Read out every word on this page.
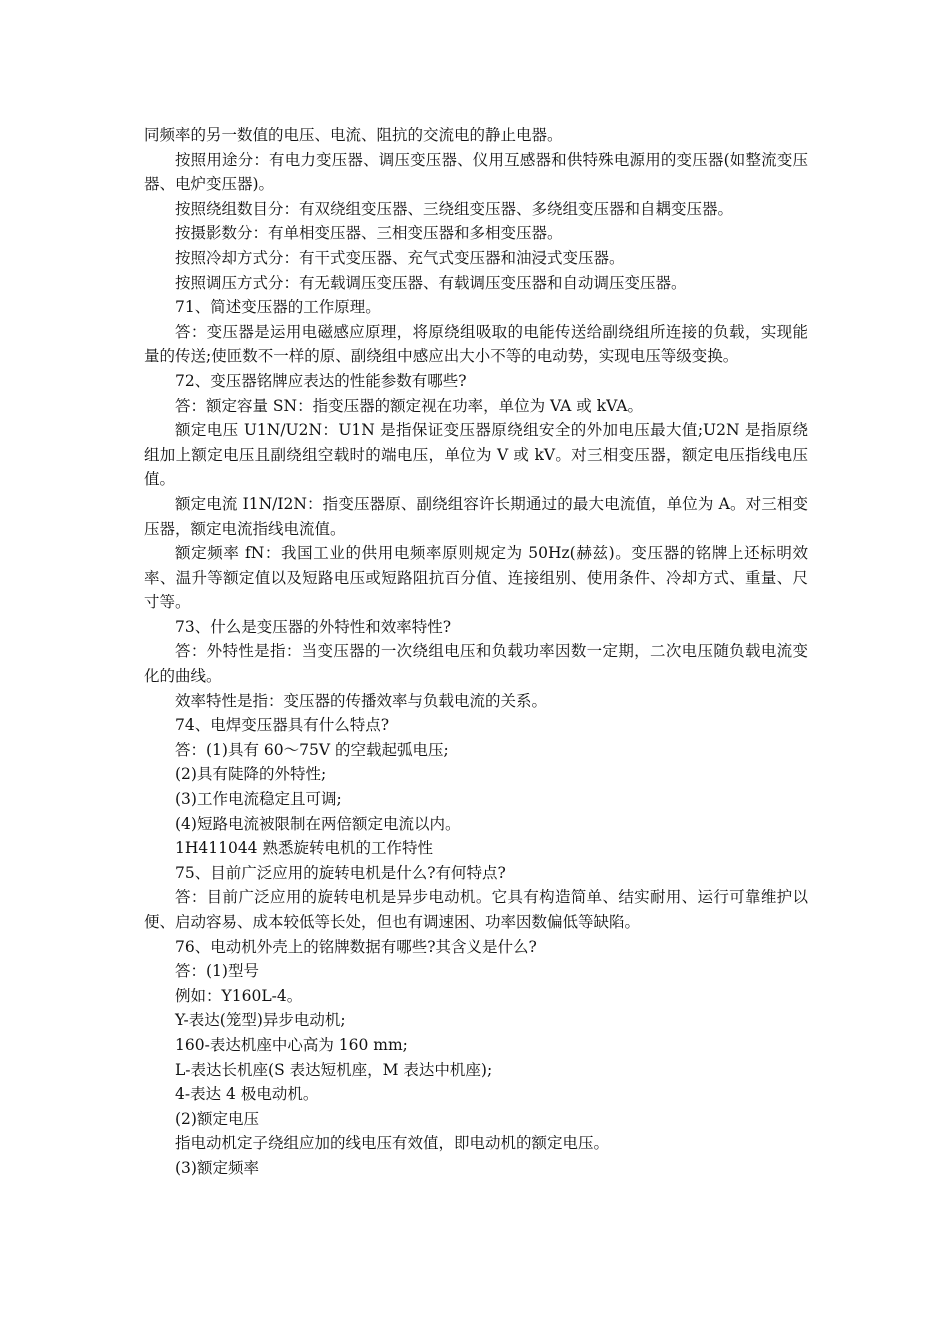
同频率的另一数值的电压、电流、阻抗的交流电的静止电器。

按照用途分：有电力变压器、调压变压器、仪用互感器和供特殊电源用的变压器(如整流变压器、电炉变压器)。

按照绕组数目分：有双绕组变压器、三绕组变压器、多绕组变压器和自耦变压器。

按摄影数分：有单相变压器、三相变压器和多相变压器。

按照冷却方式分：有干式变压器、充气式变压器和油浸式变压器。

按照调压方式分：有无载调压变压器、有载调压变压器和自动调压变压器。

71、简述变压器的工作原理。

答：变压器是运用电磁感应原理，将原绕组吸取的电能传送给副绕组所连接的负载，实现能量的传送;使匝数不一样的原、副绕组中感应出大小不等的电动势，实现电压等级变换。

72、变压器铭牌应表达的性能参数有哪些?

答：额定容量 SN：指变压器的额定视在功率，单位为 VA 或 kVA。

额定电压 U1N/U2N：U1N 是指保证变压器原绕组安全的外加电压最大值;U2N 是指原绕组加上额定电压且副绕组空载时的端电压，单位为 V 或 kV。对三相变压器，额定电压指线电压值。

额定电流 I1N/I2N：指变压器原、副绕组容许长期通过的最大电流值，单位为 A。对三相变压器，额定电流指线电流值。

额定频率 fN：我国工业的供用电频率原则规定为 50Hz(赫兹)。变压器的铭牌上还标明效率、温升等额定值以及短路电压或短路阻抗百分值、连接组别、使用条件、冷却方式、重量、尺寸等。

73、什么是变压器的外特性和效率特性?

答：外特性是指：当变压器的一次绕组电压和负载功率因数一定期，二次电压随负载电流变化的曲线。

效率特性是指：变压器的传播效率与负载电流的关系。

74、电焊变压器具有什么特点?

答：(1)具有 60～75V 的空载起弧电压;

(2)具有陡降的外特性;

(3)工作电流稳定且可调;

(4)短路电流被限制在两倍额定电流以内。

1H411044 熟悉旋转电机的工作特性

75、目前广泛应用的旋转电机是什么?有何特点?

答：目前广泛应用的旋转电机是异步电动机。它具有构造简单、结实耐用、运行可靠维护以便、启动容易、成本较低等长处，但也有调速困、功率因数偏低等缺陷。

76、电动机外壳上的铭牌数据有哪些?其含义是什么?

答：(1)型号

例如：Y160L-4。

Y-表达(笼型)异步电动机;

160-表达机座中心高为 160 mm;

L-表达长机座(S 表达短机座，M 表达中机座);

4-表达 4 极电动机。

(2)额定电压

指电动机定子绕组应加的线电压有效值，即电动机的额定电压。

(3)额定频率
